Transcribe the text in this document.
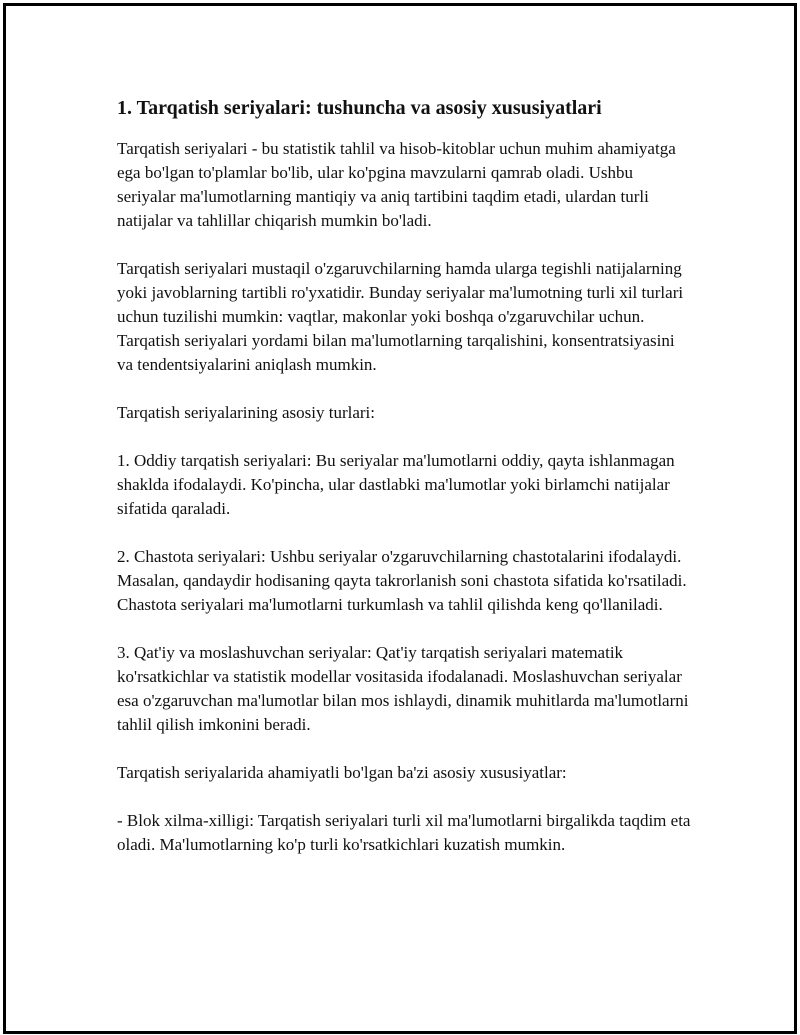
1. Tarqatish seriyalari: tushuncha va asosiy xususiyatlari

Tarqatish seriyalari - bu statistik tahlil va hisob-kitoblar uchun muhim ahamiyatga ega bo'lgan to'plamlar bo'lib, ular ko'pgina mavzularni qamrab oladi. Ushbu seriyalar ma'lumotlarning mantiqiy va aniq tartibini taqdim etadi, ulardan turli natijalar va tahlillar chiqarish mumkin bo'ladi.

Tarqatish seriyalari mustaqil o'zgaruvchilarning hamda ularga tegishli natijalarning yoki javoblarning tartibli ro'yxatidir. Bunday seriyalar ma'lumotning turli xil turlari uchun tuzilishi mumkin: vaqtlar, makonlar yoki boshqa o'zgaruvchilar uchun. Tarqatish seriyalari yordami bilan ma'lumotlarning tarqalishini, konsentratsiyasini va tendentsiyalarini aniqlash mumkin.

Tarqatish seriyalarining asosiy turlari:

1. Oddiy tarqatish seriyalari: Bu seriyalar ma'lumotlarni oddiy, qayta ishlanmagan shaklda ifodalaydi. Ko'pincha, ular dastlabki ma'lumotlar yoki birlamchi natijalar sifatida qaraladi.

2. Chastota seriyalari: Ushbu seriyalar o'zgaruvchilarning chastotalarini ifodalaydi. Masalan, qandaydir hodisaning qayta takrorlanish soni chastota sifatida ko'rsatiladi. Chastota seriyalari ma'lumotlarni turkumlash va tahlil qilishda keng qo'llaniladi.

3. Qat'iy va moslashuvchan seriyalar: Qat'iy tarqatish seriyalari matematik ko'rsatkichlar va statistik modellar vositasida ifodalanadi. Moslashuvchan seriyalar esa o'zgaruvchan ma'lumotlar bilan mos ishlaydi, dinamik muhitlarda ma'lumotlarni tahlil qilish imkonini beradi.

Tarqatish seriyalarida ahamiyatli bo'lgan ba'zi asosiy xususiyatlar:

- Blok xilma-xilligi: Tarqatish seriyalari turli xil ma'lumotlarni birgalikda taqdim eta oladi. Ma'lumotlarning ko'p turli ko'rsatkichlari kuzatish mumkin.
